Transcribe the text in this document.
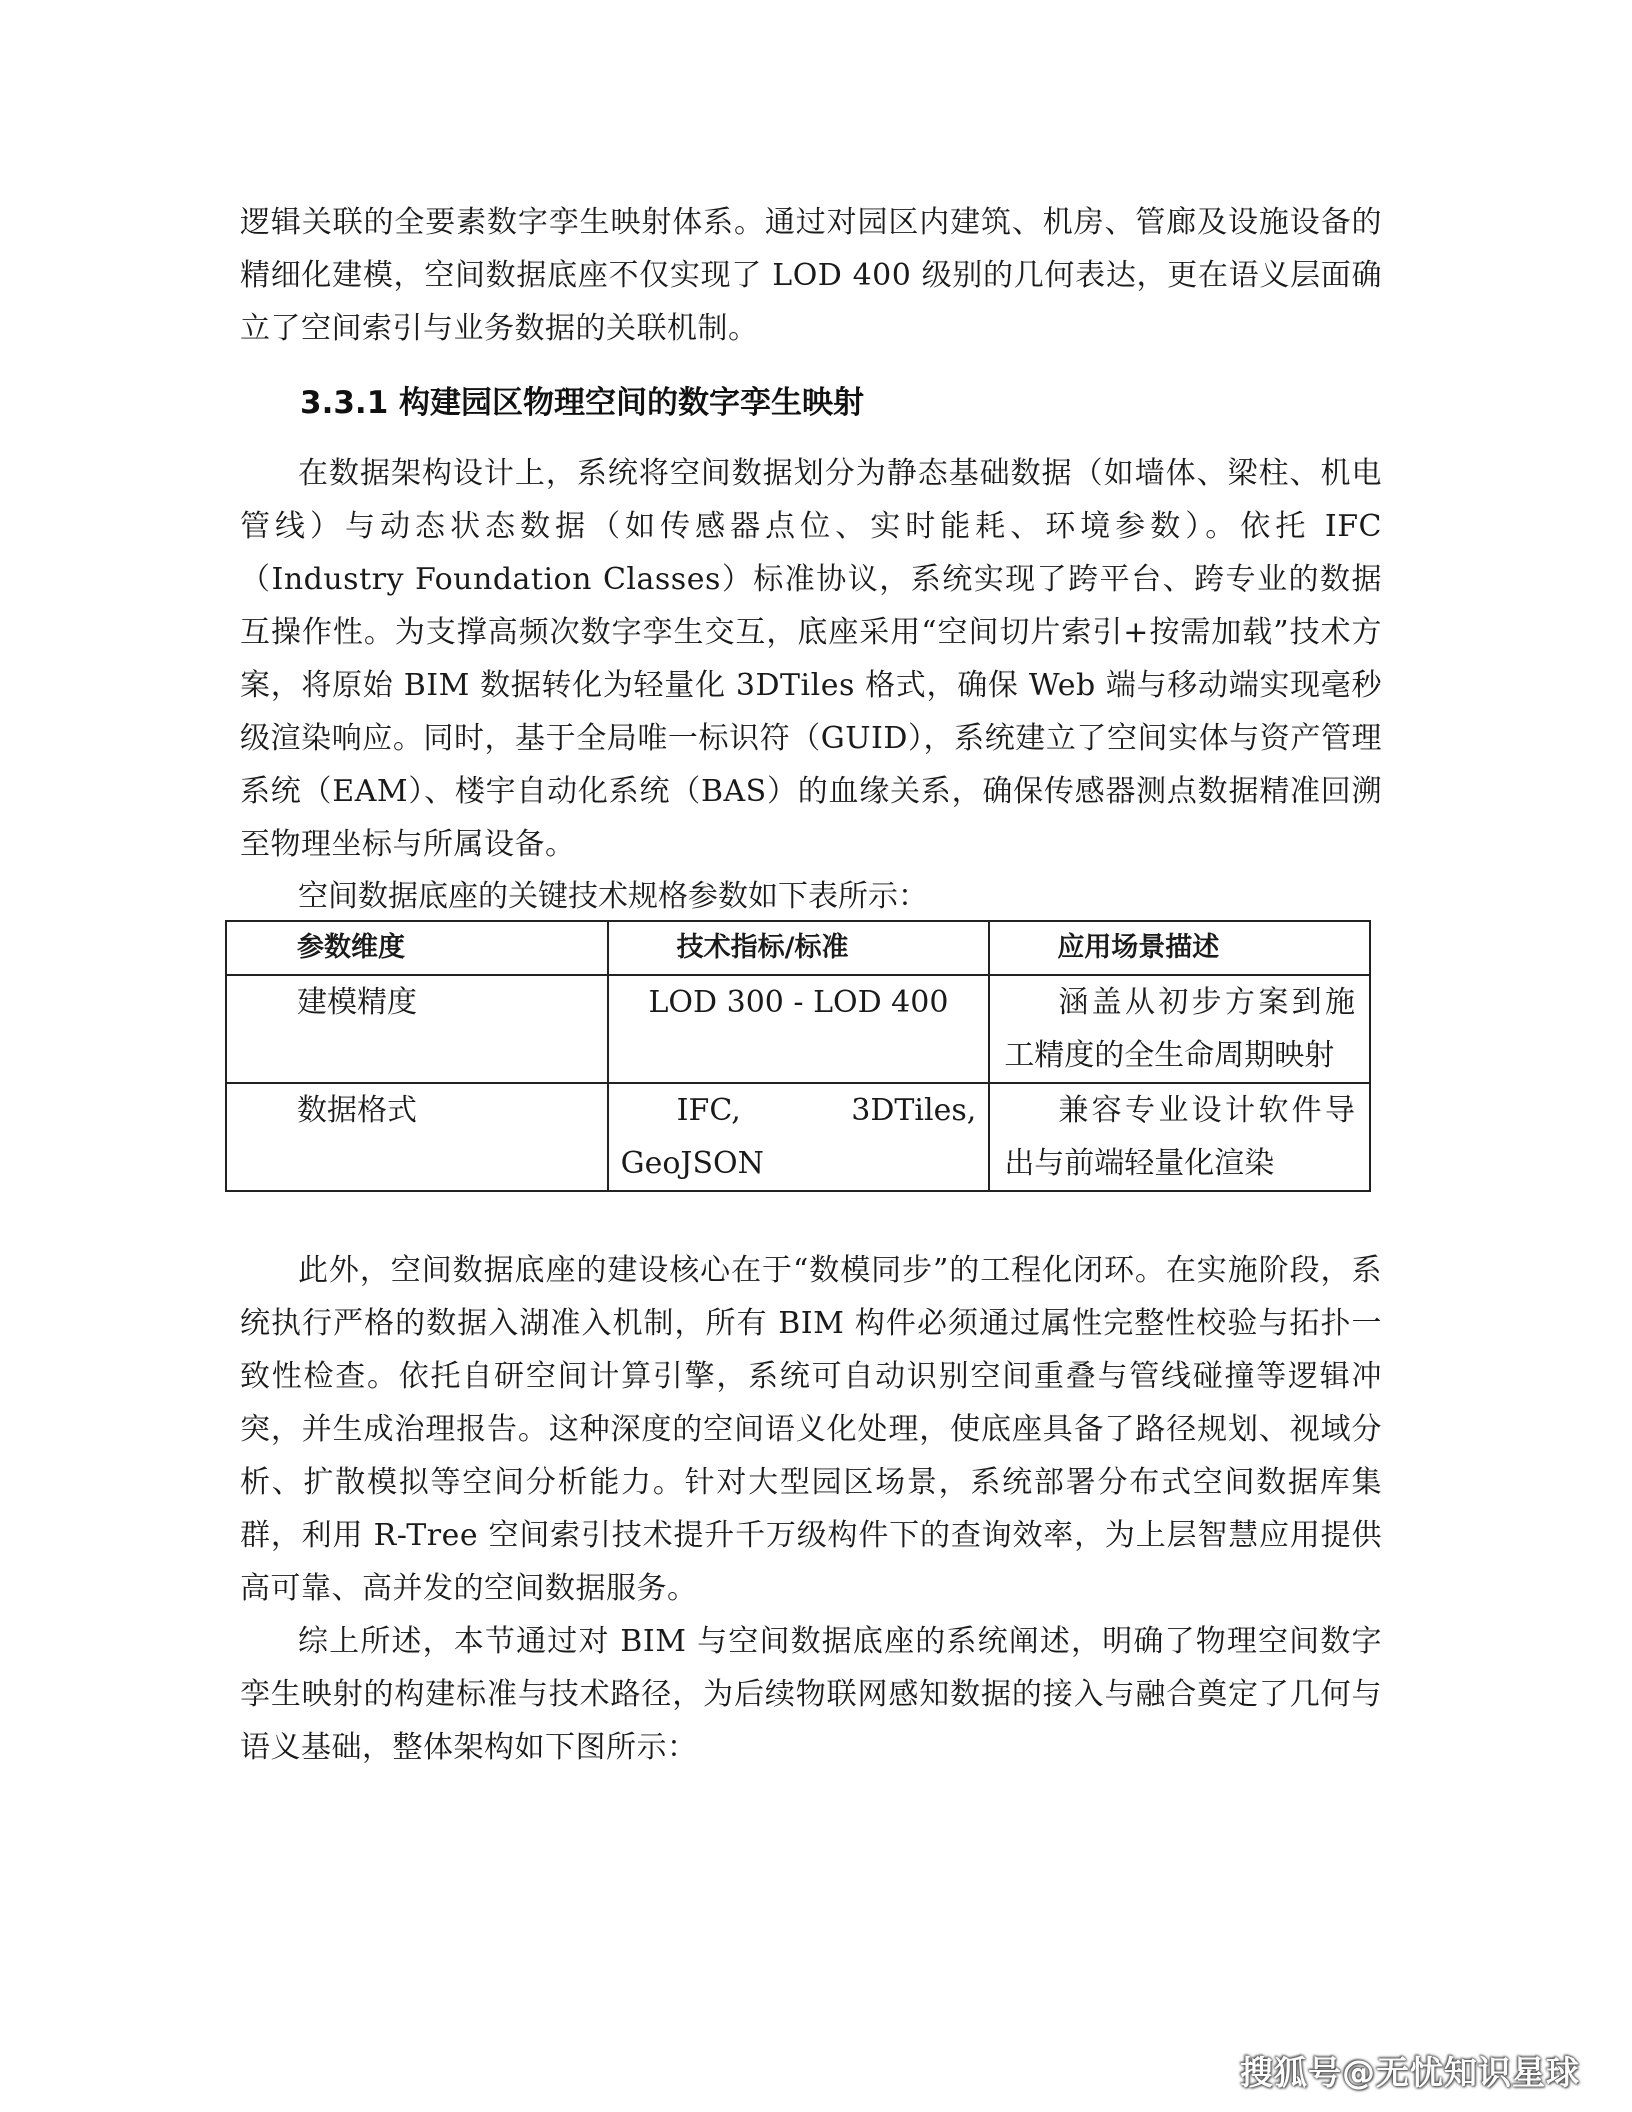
逻辑关联的全要素数字孪生映射体系。通过对园区内建筑、机房、管廊及设施设备的精细化建模，空间数据底座不仅实现了 LOD 400 级别的几何表达，更在语义层面确立了空间索引与业务数据的关联机制。

3.3.1 构建园区物理空间的数字孪生映射

在数据架构设计上，系统将空间数据划分为静态基础数据（如墙体、梁柱、机电管线）与动态状态数据（如传感器点位、实时能耗、环境参数）。依托 IFC（Industry Foundation Classes）标准协议，系统实现了跨平台、跨专业的数据互操作性。为支撑高频次数字孪生交互，底座采用“空间切片索引+按需加载”技术方案，将原始 BIM 数据转化为轻量化 3DTiles 格式，确保 Web 端与移动端实现毫秒级渲染响应。同时，基于全局唯一标识符（GUID），系统建立了空间实体与资产管理系统（EAM）、楼宇自动化系统（BAS）的血缘关系，确保传感器测点数据精准回溯至物理坐标与所属设备。

空间数据底座的关键技术规格参数如下表所示：

参数维度	技术指标/标准	应用场景描述
建模精度	LOD 300 - LOD 400	涵盖从初步方案到施工精度的全生命周期映射
数据格式	IFC, 3DTiles, GeoJSON	兼容专业设计软件导出与前端轻量化渲染

此外，空间数据底座的建设核心在于“数模同步”的工程化闭环。在实施阶段，系统执行严格的数据入湖准入机制，所有 BIM 构件必须通过属性完整性校验与拓扑一致性检查。依托自研空间计算引擎，系统可自动识别空间重叠与管线碰撞等逻辑冲突，并生成治理报告。这种深度的空间语义化处理，使底座具备了路径规划、视域分析、扩散模拟等空间分析能力。针对大型园区场景，系统部署分布式空间数据库集群，利用 R-Tree 空间索引技术提升千万级构件下的查询效率，为上层智慧应用提供高可靠、高并发的空间数据服务。

综上所述，本节通过对 BIM 与空间数据底座的系统阐述，明确了物理空间数字孪生映射的构建标准与技术路径，为后续物联网感知数据的接入与融合奠定了几何与语义基础，整体架构如下图所示：

搜狐号@无忧知识星球
